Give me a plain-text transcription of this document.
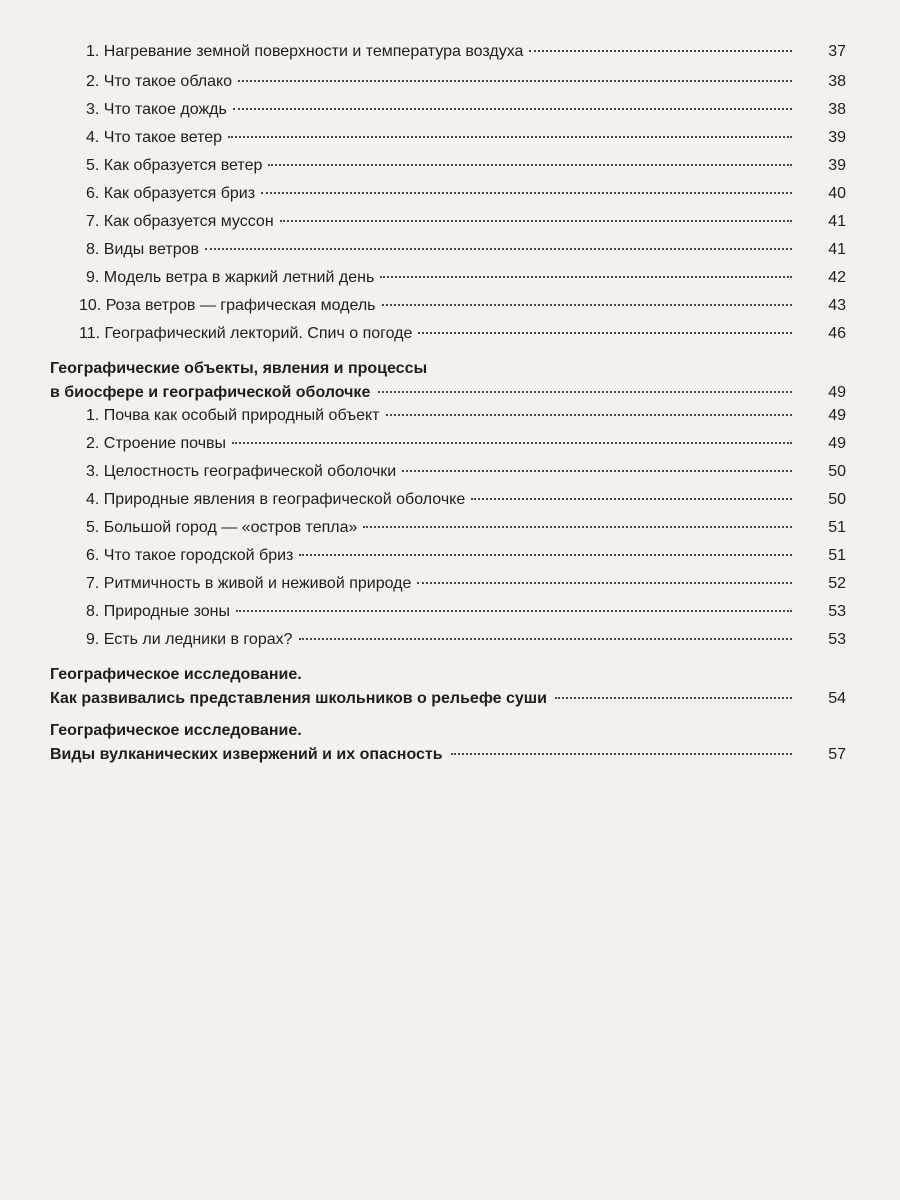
1. Нагревание земной поверхности и температура воздуха	37
2. Что такое облако	38
3. Что такое дождь	38
4. Что такое ветер	39
5. Как образуется ветер	39
6. Как образуется бриз	40
7. Как образуется муссон	41
8. Виды ветров	41
9. Модель ветра в жаркий летний день	42
10. Роза ветров — графическая модель	43
11. Географический лекторий. Спич о погоде	46
Географические объекты, явления и процессы
в биосфере и географической оболочке	49
1. Почва как особый природный объект	49
2. Строение почвы	49
3. Целостность географической оболочки	50
4. Природные явления в географической оболочке	50
5. Большой город — «остров тепла»	51
6. Что такое городской бриз	51
7. Ритмичность в живой и неживой природе	52
8. Природные зоны	53
9. Есть ли ледники в горах?	53
Географическое исследование.
Как развивались представления школьников о рельефе суши	54
Географическое исследование.
Виды вулканических извержений и их опасность	57
